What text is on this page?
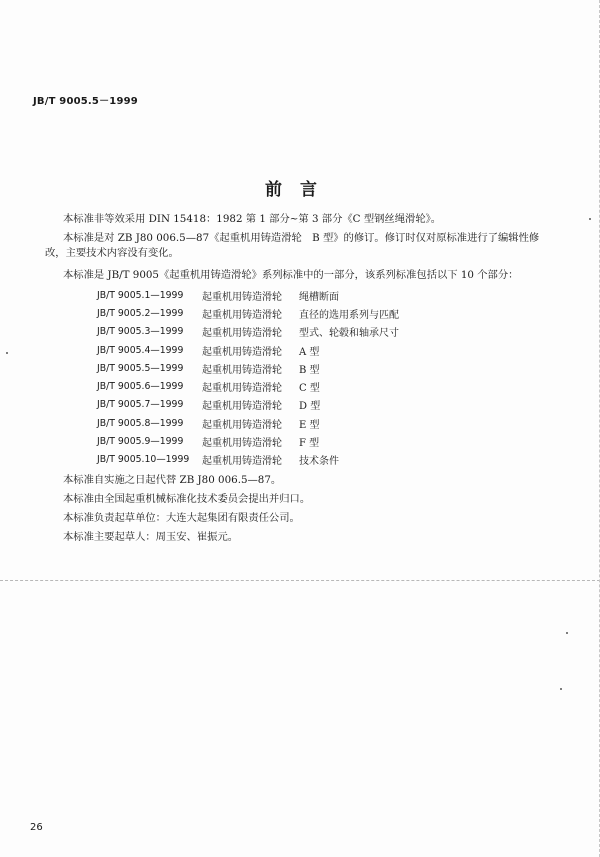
JB/T 9005.5－1999
前言
本标准非等效采用 DIN 15418：1982 第 1 部分~第 3 部分《C 型钢丝绳滑轮》。
本标准是对 ZB J80 006.5—87《起重机用铸造滑轮　B 型》的修订。修订时仅对原标准进行了编辑性修改，主要技术内容没有变化。
本标准是 JB/T 9005《起重机用铸造滑轮》系列标准中的一部分，该系列标准包括以下 10 个部分：
JB/T 9005.1—1999	起重机用铸造滑轮	绳槽断面
JB/T 9005.2—1999	起重机用铸造滑轮	直径的选用系列与匹配
JB/T 9005.3—1999	起重机用铸造滑轮	型式、轮毂和轴承尺寸
JB/T 9005.4—1999	起重机用铸造滑轮	A 型
JB/T 9005.5—1999	起重机用铸造滑轮	B 型
JB/T 9005.6—1999	起重机用铸造滑轮	C 型
JB/T 9005.7—1999	起重机用铸造滑轮	D 型
JB/T 9005.8—1999	起重机用铸造滑轮	E 型
JB/T 9005.9—1999	起重机用铸造滑轮	F 型
JB/T 9005.10—1999	起重机用铸造滑轮	技术条件
本标准自实施之日起代替 ZB J80 006.5—87。
本标准由全国起重机械标准化技术委员会提出并归口。
本标准负责起草单位：大连大起集团有限责任公司。
本标准主要起草人：周玉安、崔振元。
26
